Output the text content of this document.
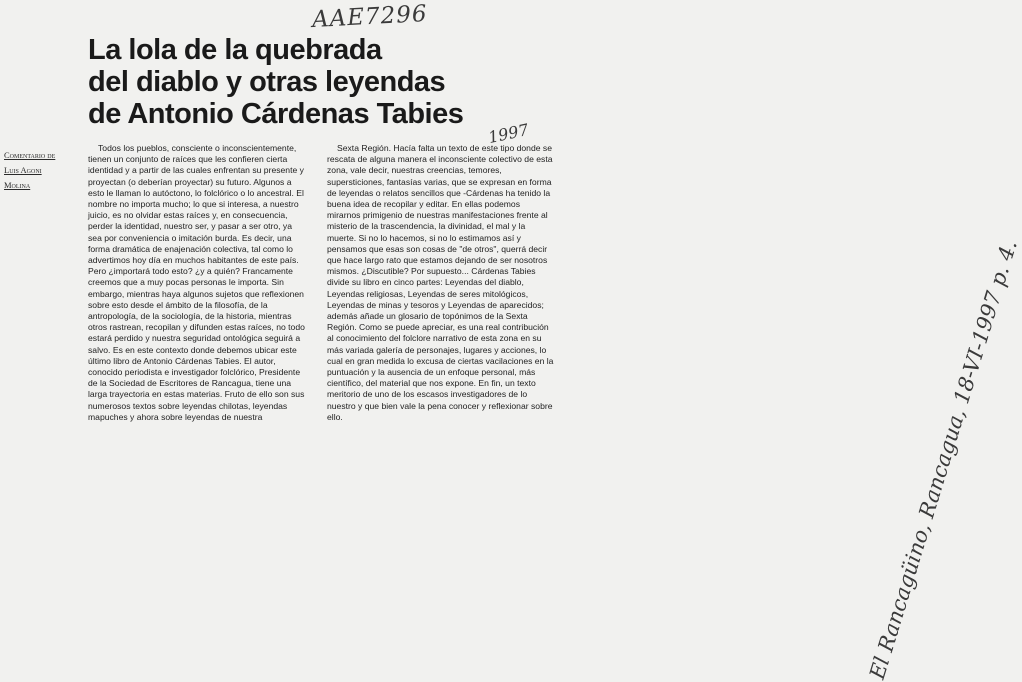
AAE7296
1997
La lola de la quebrada
del diablo y otras leyendas
de Antonio Cárdenas Tabies
Comentario de
Luis Agoni
Molina

Todos los pueblos, consciente o inconscientemente, tienen un conjunto de raíces que les confieren cierta identidad y a partir de las cuales enfrentan su presente y proyectan (o deberían proyectar) su futuro. Algunos a esto le llaman lo autóctono, lo folclórico o lo ancestral. El nombre no importa mucho; lo que si interesa, a nuestro juicio, es no olvidar estas raíces y, en consecuencia, perder la identidad, nuestro ser, y pasar a ser otro, ya sea por conveniencia o imitación burda. Es decir, una forma dramática de enajenación colectiva, tal como lo advertimos hoy día en muchos habitantes de este país. Pero ¿importará todo esto? ¿y a quién? Francamente creemos que a muy pocas personas le importa. Sin embargo, mientras haya algunos sujetos que reflexionen sobre esto desde el ámbito de la filosofía, de la antropología, de la sociología, de la historia, mientras otros rastrean, recopilan y difunden estas raíces, no todo estará perdido y nuestra seguridad ontológica seguirá a salvo. Es en este contexto donde debemos ubicar este último libro de Antonio Cárdenas Tabies. El autor, conocido periodista e investigador folclórico, Presidente de la Sociedad de Escritores de Rancagua, tiene una larga trayectoria en estas materias. Fruto de ello son sus numerosos textos sobre leyendas chilotas, leyendas mapuches y ahora sobre leyendas de nuestra

Sexta Región. Hacía falta un texto de este tipo donde se rescata de alguna manera el inconsciente colectivo de esta zona, vale decir, nuestras creencias, temores, supersticiones, fantasías varias, que se expresan en forma de leyendas o relatos sencillos que -Cárdenas ha tenido la buena idea de recopilar y editar. En ellas podemos mirarnos primigenio de nuestras manifestaciones frente al misterio de la trascendencia, la divinidad, el mal y la muerte. Si no lo hacemos, si no lo estimamos así y pensamos que esas son cosas de "de otros", querrá decir que hace largo rato que estamos dejando de ser nosotros mismos. ¿Discutible? Por supuesto... Cárdenas Tabies divide su libro en cinco partes: Leyendas del diablo, Leyendas religiosas, Leyendas de seres mitológicos, Leyendas de minas y tesoros y Leyendas de aparecidos; además añade un glosario de topónimos de la Sexta Región. Como se puede apreciar, es una real contribución al conocimiento del folclore narrativo de esta zona en su más variada galería de personajes, lugares y acciones, lo cual en gran medida lo excusa de ciertas vacilaciones en la puntuación y la ausencia de un enfoque personal, más científico, del material que nos expone. En fin, un texto meritorio de uno de los escasos investigadores de lo nuestro y que bien vale la pena conocer y reflexionar sobre ello.	El Rancagüino, Rancagua, 18-VI-1997 p. 4.
